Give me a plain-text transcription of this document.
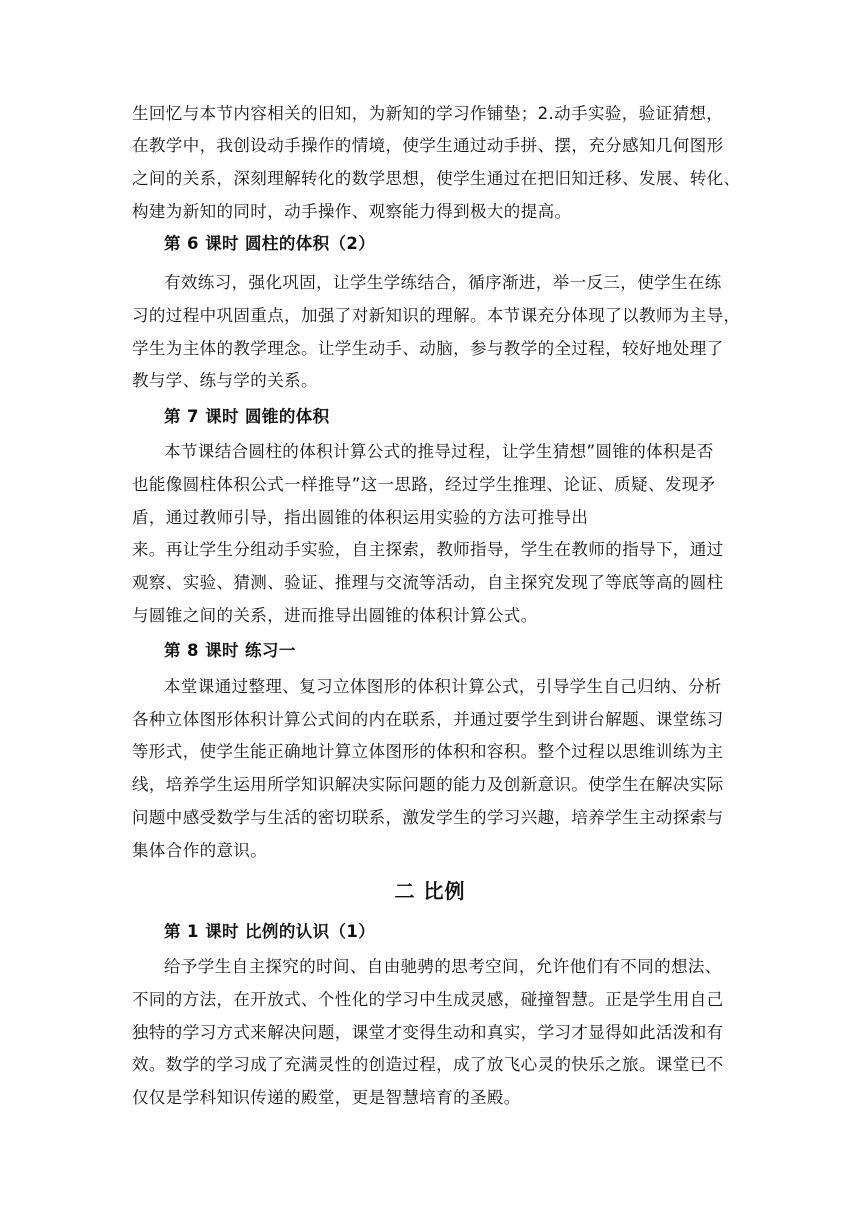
生回忆与本节内容相关的旧知，为新知的学习作铺垫；2.动手实验，验证猜想，
在教学中，我创设动手操作的情境，使学生通过动手拼、摆，充分感知几何图形
之间的关系，深刻理解转化的数学思想，使学生通过在把旧知迁移、发展、转化、
构建为新知的同时，动手操作、观察能力得到极大的提高。
第 6 课时 圆柱的体积（2）
有效练习，强化巩固，让学生学练结合，循序渐进，举一反三，使学生在练
习的过程中巩固重点，加强了对新知识的理解。本节课充分体现了以教师为主导，
学生为主体的教学理念。让学生动手、动脑，参与教学的全过程，较好地处理了
教与学、练与学的关系。
第 7 课时 圆锥的体积
本节课结合圆柱的体积计算公式的推导过程，让学生猜想”圆锥的体积是否
也能像圆柱体积公式一样推导”这一思路，经过学生推理、论证、质疑、发现矛
盾，通过教师引导，指出圆锥的体积运用实验的方法可推导出
来。再让学生分组动手实验，自主探索，教师指导，学生在教师的指导下，通过
观察、实验、猜测、验证、推理与交流等活动，自主探究发现了等底等高的圆柱
与圆锥之间的关系，进而推导出圆锥的体积计算公式。
第 8 课时 练习一
本堂课通过整理、复习立体图形的体积计算公式，引导学生自己归纳、分析
各种立体图形体积计算公式间的内在联系，并通过要学生到讲台解题、课堂练习
等形式，使学生能正确地计算立体图形的体积和容积。整个过程以思维训练为主
线，培养学生运用所学知识解决实际问题的能力及创新意识。使学生在解决实际
问题中感受数学与生活的密切联系，激发学生的学习兴趣，培养学生主动探索与
集体合作的意识。
二 比例
第 1 课时 比例的认识（1）
给予学生自主探究的时间、自由驰骋的思考空间，允许他们有不同的想法、
不同的方法，在开放式、个性化的学习中生成灵感，碰撞智慧。正是学生用自己
独特的学习方式来解决问题，课堂才变得生动和真实，学习才显得如此活泼和有
效。数学的学习成了充满灵性的创造过程，成了放飞心灵的快乐之旅。课堂已不
仅仅是学科知识传递的殿堂，更是智慧培育的圣殿。
